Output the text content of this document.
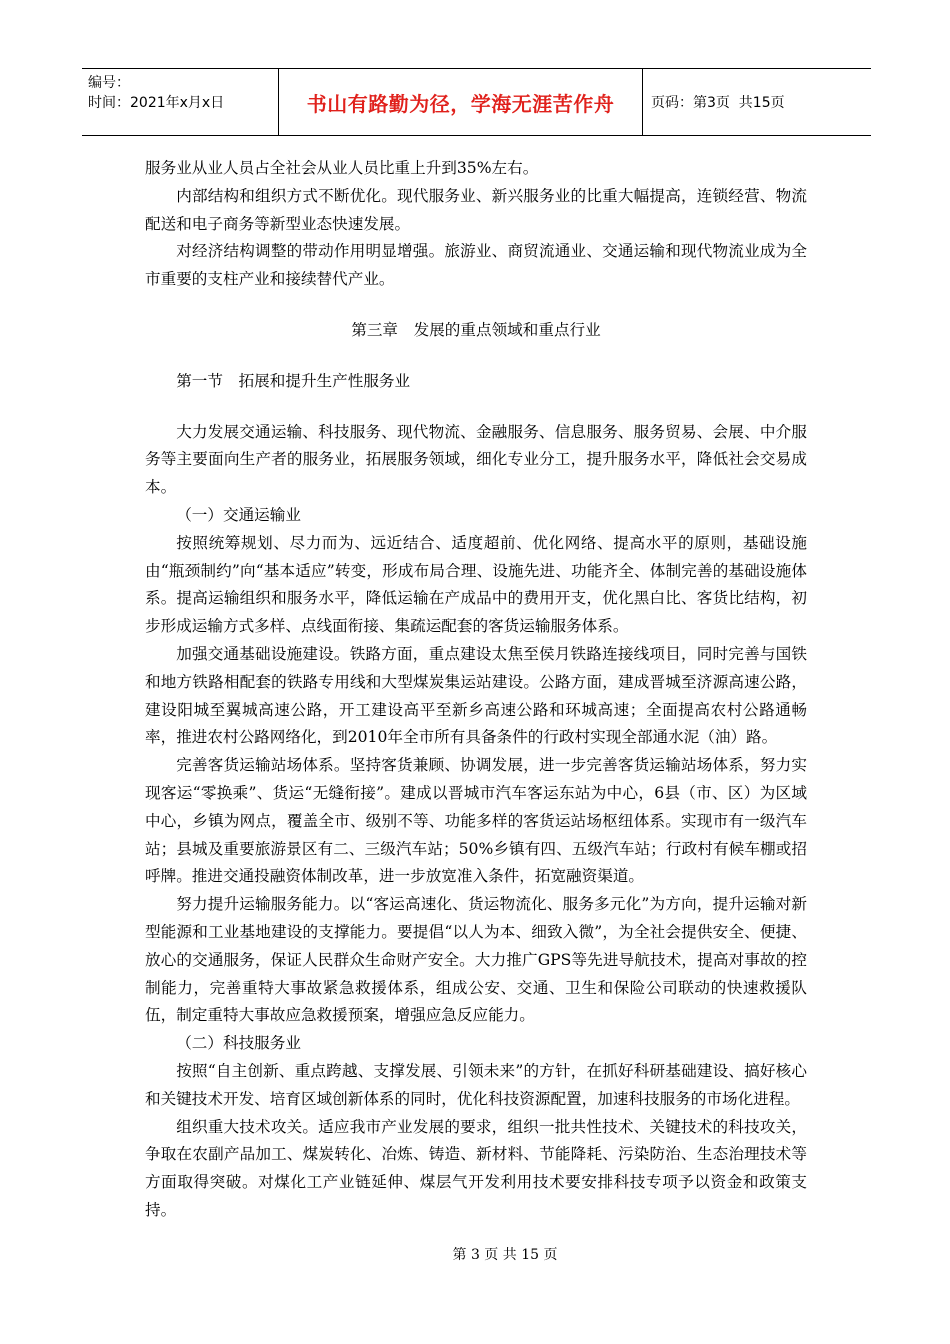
编号：
时间：2021年x月x日	书山有路勤为径，学海无涯苦作舟	页码：第3页  共15页

服务业从业人员占全社会从业人员比重上升到35%左右。

内部结构和组织方式不断优化。现代服务业、新兴服务业的比重大幅提高，连锁经营、物流配送和电子商务等新型业态快速发展。

对经济结构调整的带动作用明显增强。旅游业、商贸流通业、交通运输和现代物流业成为全市重要的支柱产业和接续替代产业。

第三章　发展的重点领域和重点行业

第一节　拓展和提升生产性服务业

大力发展交通运输、科技服务、现代物流、金融服务、信息服务、服务贸易、会展、中介服务等主要面向生产者的服务业，拓展服务领域，细化专业分工，提升服务水平，降低社会交易成本。

（一）交通运输业

按照统筹规划、尽力而为、远近结合、适度超前、优化网络、提高水平的原则，基础设施由“瓶颈制约”向“基本适应”转变，形成布局合理、设施先进、功能齐全、体制完善的基础设施体系。提高运输组织和服务水平，降低运输在产成品中的费用开支，优化黑白比、客货比结构，初步形成运输方式多样、点线面衔接、集疏运配套的客货运输服务体系。

加强交通基础设施建设。铁路方面，重点建设太焦至侯月铁路连接线项目，同时完善与国铁和地方铁路相配套的铁路专用线和大型煤炭集运站建设。公路方面，建成晋城至济源高速公路，建设阳城至翼城高速公路，开工建设高平至新乡高速公路和环城高速；全面提高农村公路通畅率，推进农村公路网络化，到2010年全市所有具备条件的行政村实现全部通水泥（油）路。

完善客货运输站场体系。坚持客货兼顾、协调发展，进一步完善客货运输站场体系，努力实现客运“零换乘”、货运“无缝衔接”。建成以晋城市汽车客运东站为中心，6县（市、区）为区域中心，乡镇为网点，覆盖全市、级别不等、功能多样的客货运站场枢纽体系。实现市有一级汽车站；县城及重要旅游景区有二、三级汽车站；50%乡镇有四、五级汽车站；行政村有候车棚或招呼牌。推进交通投融资体制改革，进一步放宽准入条件，拓宽融资渠道。

努力提升运输服务能力。以“客运高速化、货运物流化、服务多元化”为方向，提升运输对新型能源和工业基地建设的支撑能力。要提倡“以人为本、细致入微”，为全社会提供安全、便捷、放心的交通服务，保证人民群众生命财产安全。大力推广GPS等先进导航技术，提高对事故的控制能力，完善重特大事故紧急救援体系，组成公安、交通、卫生和保险公司联动的快速救援队伍，制定重特大事故应急救援预案，增强应急反应能力。

（二）科技服务业

按照“自主创新、重点跨越、支撑发展、引领未来”的方针，在抓好科研基础建设、搞好核心和关键技术开发、培育区域创新体系的同时，优化科技资源配置，加速科技服务的市场化进程。

组织重大技术攻关。适应我市产业发展的要求，组织一批共性技术、关键技术的科技攻关，争取在农副产品加工、煤炭转化、冶炼、铸造、新材料、节能降耗、污染防治、生态治理技术等方面取得突破。对煤化工产业链延伸、煤层气开发利用技术要安排科技专项予以资金和政策支持。

第 3 页 共 15 页
